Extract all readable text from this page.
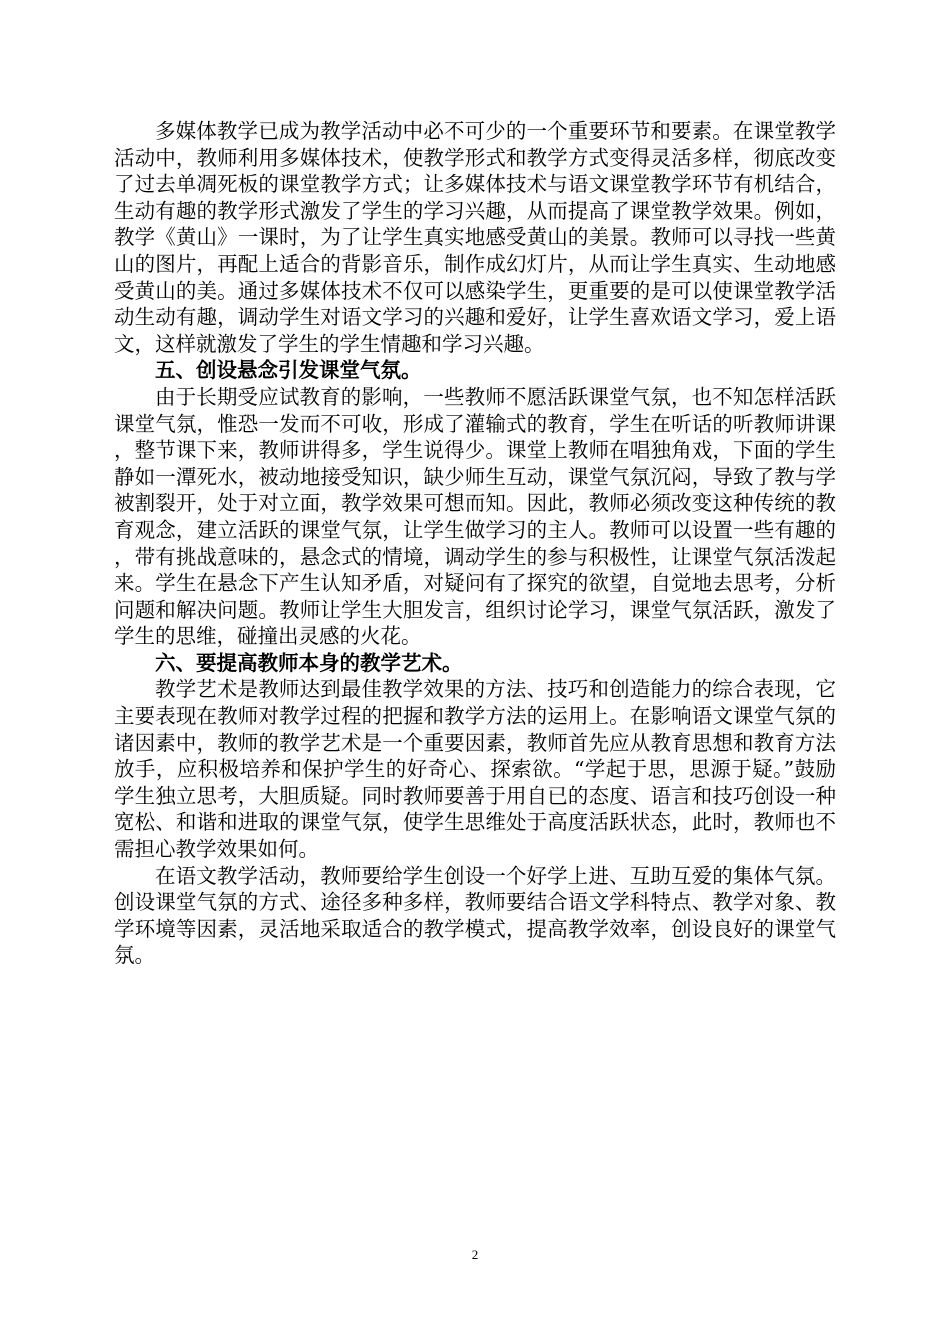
多媒体教学已成为教学活动中必不可少的一个重要环节和要素。在课堂教学活动中，教师利用多媒体技术，使教学形式和教学方式变得灵活多样，彻底改变了过去单凋死板的课堂教学方式；让多媒体技术与语文课堂教学环节有机结合，生动有趣的教学形式激发了学生的学习兴趣，从而提高了课堂教学效果。例如，教学《黄山》一课时，为了让学生真实地感受黄山的美景。教师可以寻找一些黄山的图片，再配上适合的背影音乐，制作成幻灯片，从而让学生真实、生动地感受黄山的美。通过多媒体技术不仅可以感染学生，更重要的是可以使课堂教学活动生动有趣，调动学生对语文学习的兴趣和爱好，让学生喜欢语文学习，爱上语文，这样就激发了学生的学生情趣和学习兴趣。

五、创设悬念引发课堂气氛。

由于长期受应试教育的影响，一些教师不愿活跃课堂气氛，也不知怎样活跃课堂气氛，惟恐一发而不可收，形成了灌输式的教育，学生在听话的听教师讲课，整节课下来，教师讲得多，学生说得少。课堂上教师在唱独角戏，下面的学生静如一潭死水，被动地接受知识，缺少师生互动，课堂气氛沉闷，导致了教与学被割裂开，处于对立面，教学效果可想而知。因此，教师必须改变这种传统的教育观念，建立活跃的课堂气氛，让学生做学习的主人。教师可以设置一些有趣的，带有挑战意味的，悬念式的情境，调动学生的参与积极性，让课堂气氛活泼起来。学生在悬念下产生认知矛盾，对疑问有了探究的欲望，自觉地去思考，分析问题和解决问题。教师让学生大胆发言，组织讨论学习，课堂气氛活跃，激发了学生的思维，碰撞出灵感的火花。

六、要提高教师本身的教学艺术。

教学艺术是教师达到最佳教学效果的方法、技巧和创造能力的综合表现，它主要表现在教师对教学过程的把握和教学方法的运用上。在影响语文课堂气氛的诸因素中，教师的教学艺术是一个重要因素，教师首先应从教育思想和教育方法放手，应积极培养和保护学生的好奇心、探索欲。“学起于思，思源于疑。”鼓励学生独立思考，大胆质疑。同时教师要善于用自已的态度、语言和技巧创设一种宽松、和谐和进取的课堂气氛，使学生思维处于高度活跃状态，此时，教师也不需担心教学效果如何。

在语文教学活动，教师要给学生创设一个好学上进、互助互爱的集体气氛。创设课堂气氛的方式、途径多种多样，教师要结合语文学科特点、教学对象、教学环境等因素，灵活地采取适合的教学模式，提高教学效率，创设良好的课堂气氛。

2
